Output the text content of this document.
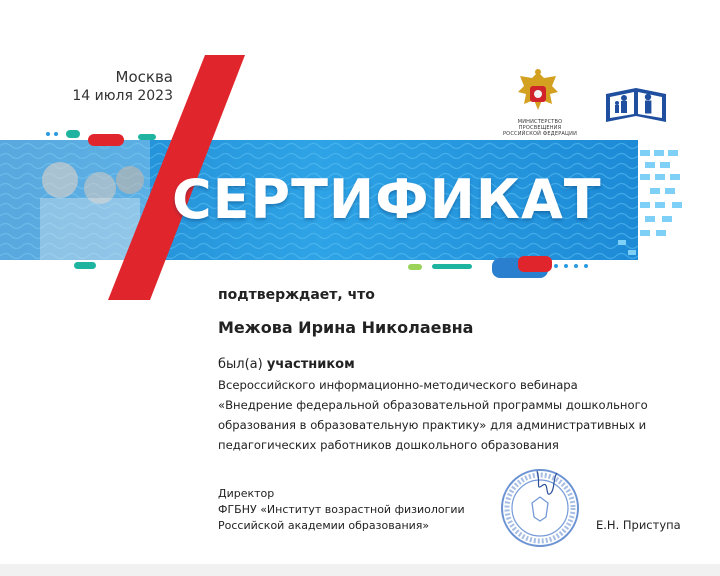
Москва
14 июля 2023
СЕРТИФИКАТ
МИНИСТЕРСТВО ПРОСВЕЩЕНИЯ РОССИЙСКОЙ ФЕДЕРАЦИИ
подтверждает, что
Межова Ирина Николаевна
был(а) участником
Всероссийского информационно-методического вебинара
«Внедрение федеральной образовательной программы дошкольного
образования в образовательную практику» для административных и
педагогических работников дошкольного образования
Директор
ФГБНУ «Институт возрастной физиологии
Российской академии образования»	Е.Н. Приступа
